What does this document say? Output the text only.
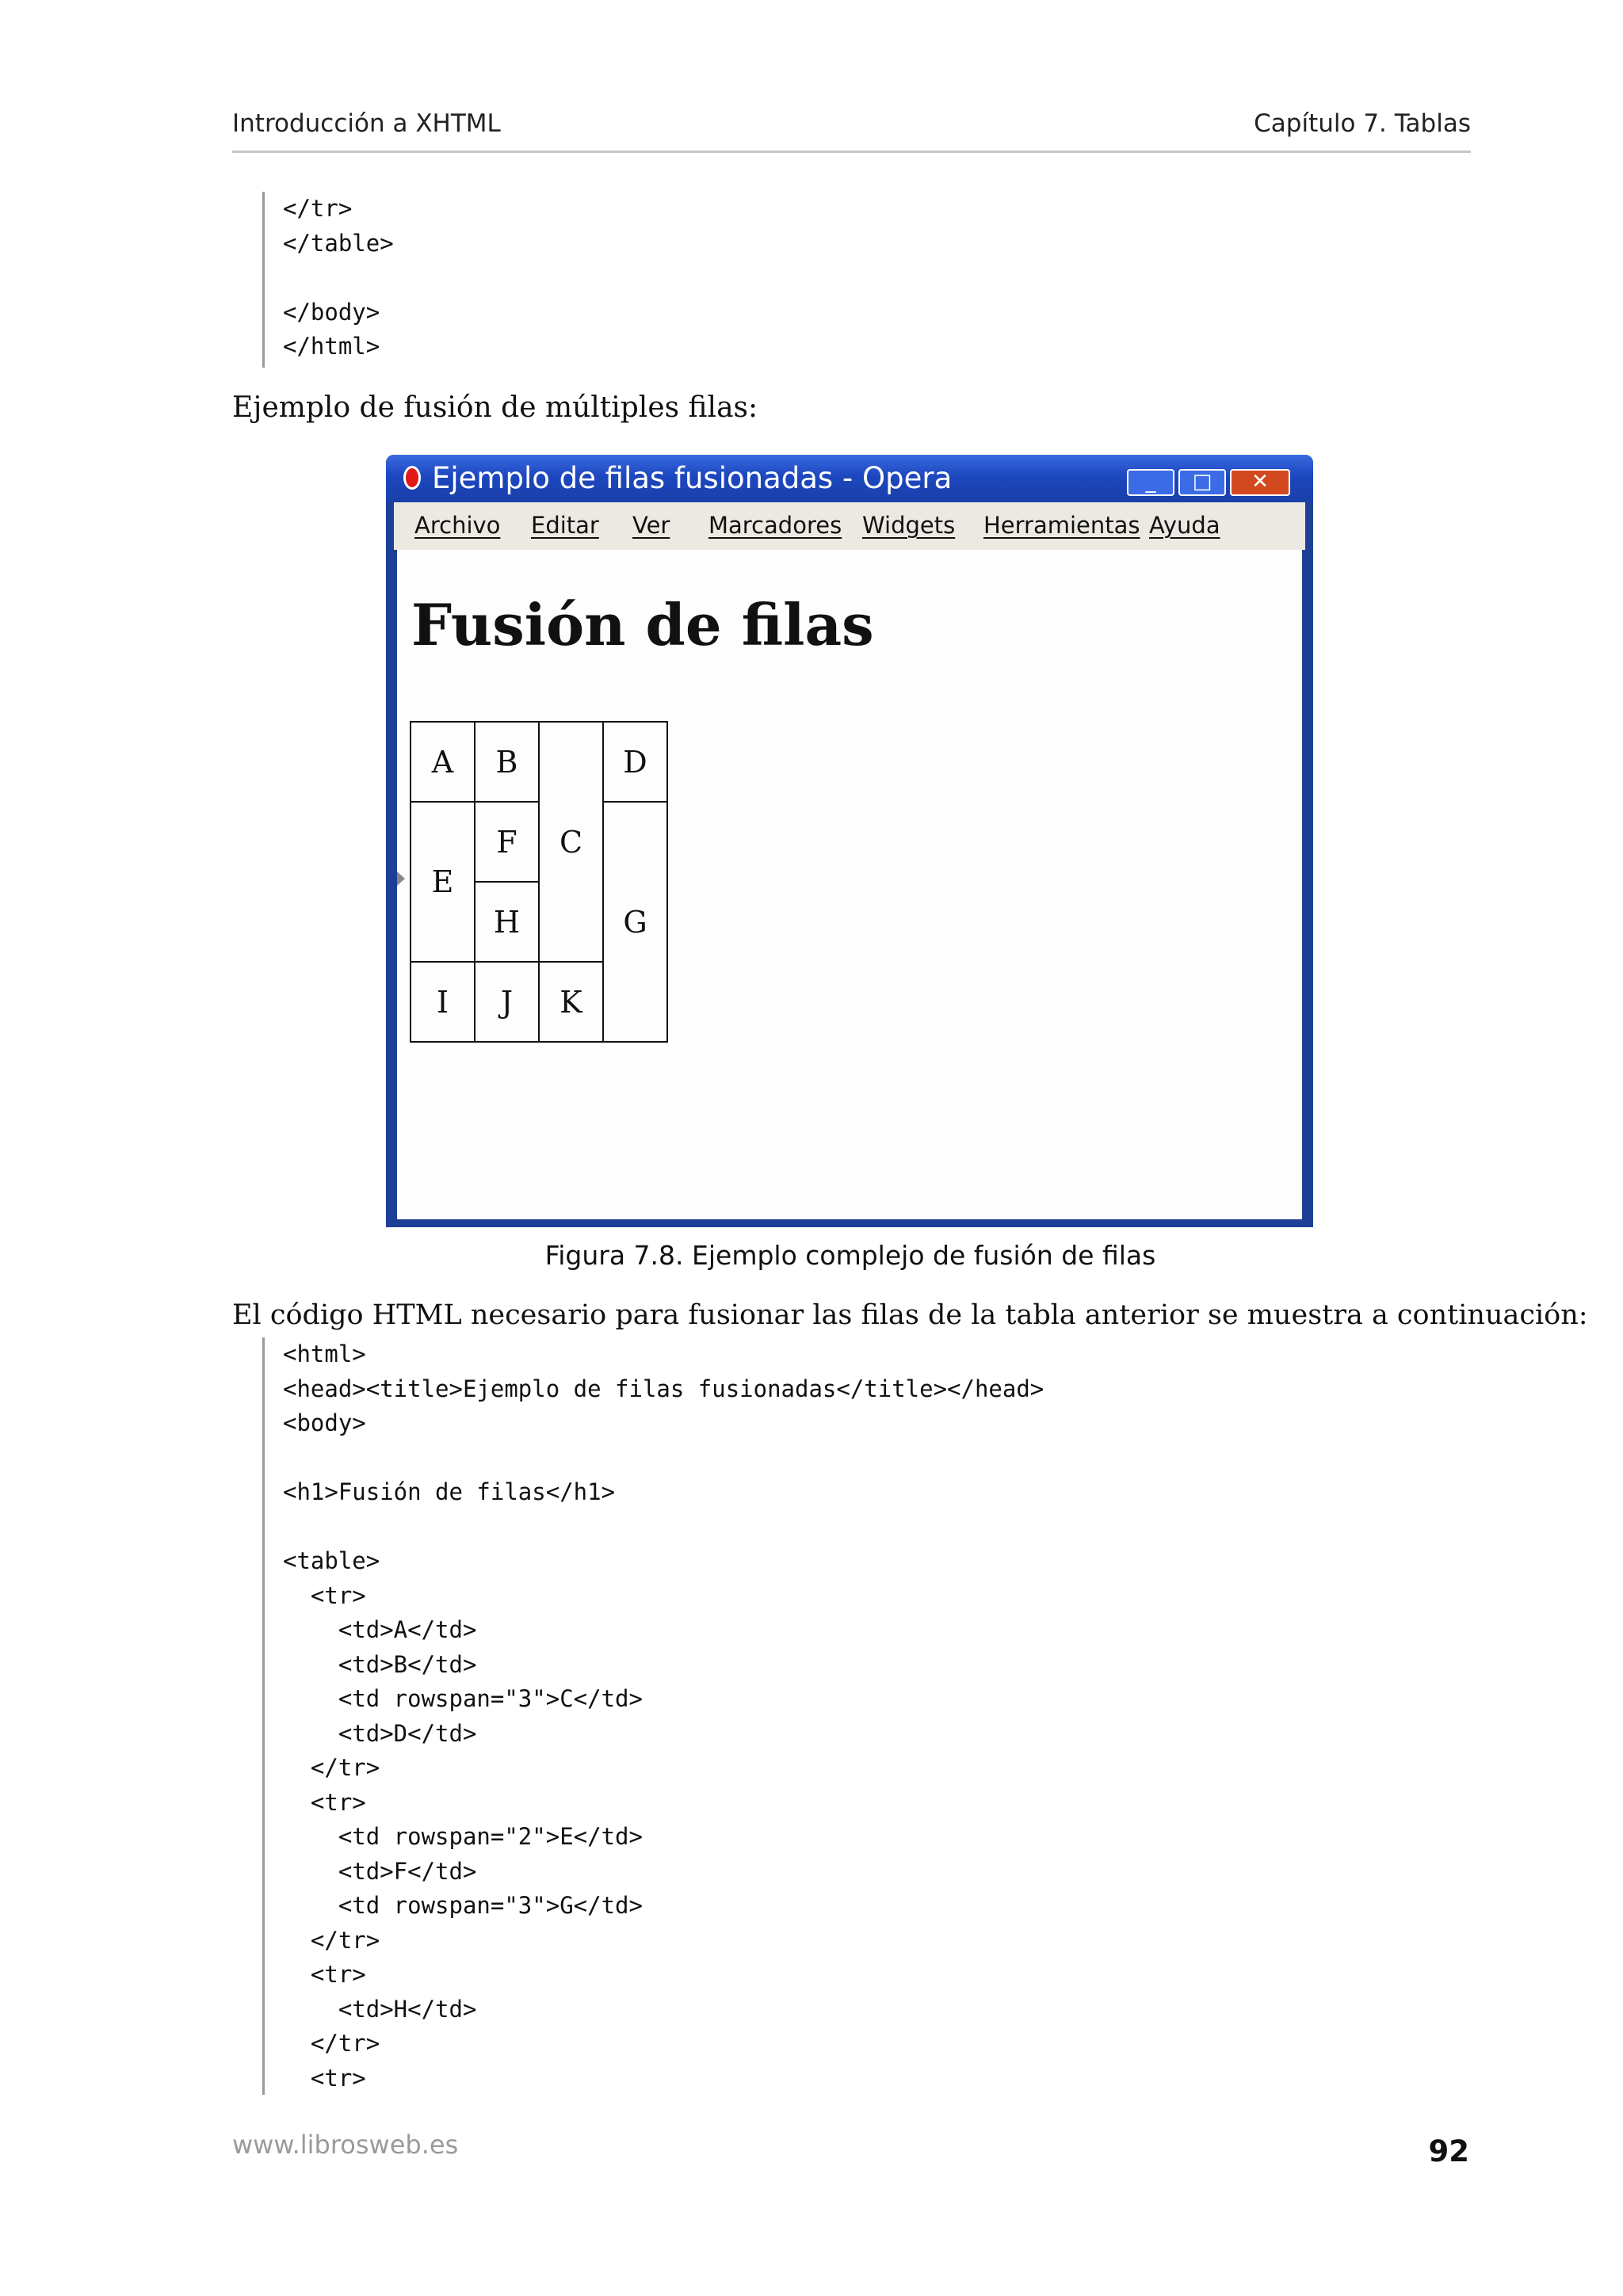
Introducción a XHTML	Capítulo 7. Tablas
</tr>
</table>

</body>
</html>

Ejemplo de fusión de múltiples filas:

Ejemplo de filas fusionadas - Opera	_	□	✕
Archivo Editar Ver Marcadores Widgets Herramientas Ayuda
Fusión de filas
A	B	C	D
E	F		G
	H		
I	J	K	
Figura 7.8. Ejemplo complejo de fusión de filas

El código HTML necesario para fusionar las filas de la tabla anterior se muestra a continuación:

<html>
<head><title>Ejemplo de filas fusionadas</title></head>
<body>

<h1>Fusión de filas</h1>

<table>
<tr>
<td>A</td>
<td>B</td>
<td rowspan="3">C</td>
<td>D</td>
</tr>
<tr>
<td rowspan="2">E</td>
<td>F</td>
<td rowspan="3">G</td>
</tr>
<tr>
<td>H</td>
</tr>
<tr>
www.librosweb.es	92
